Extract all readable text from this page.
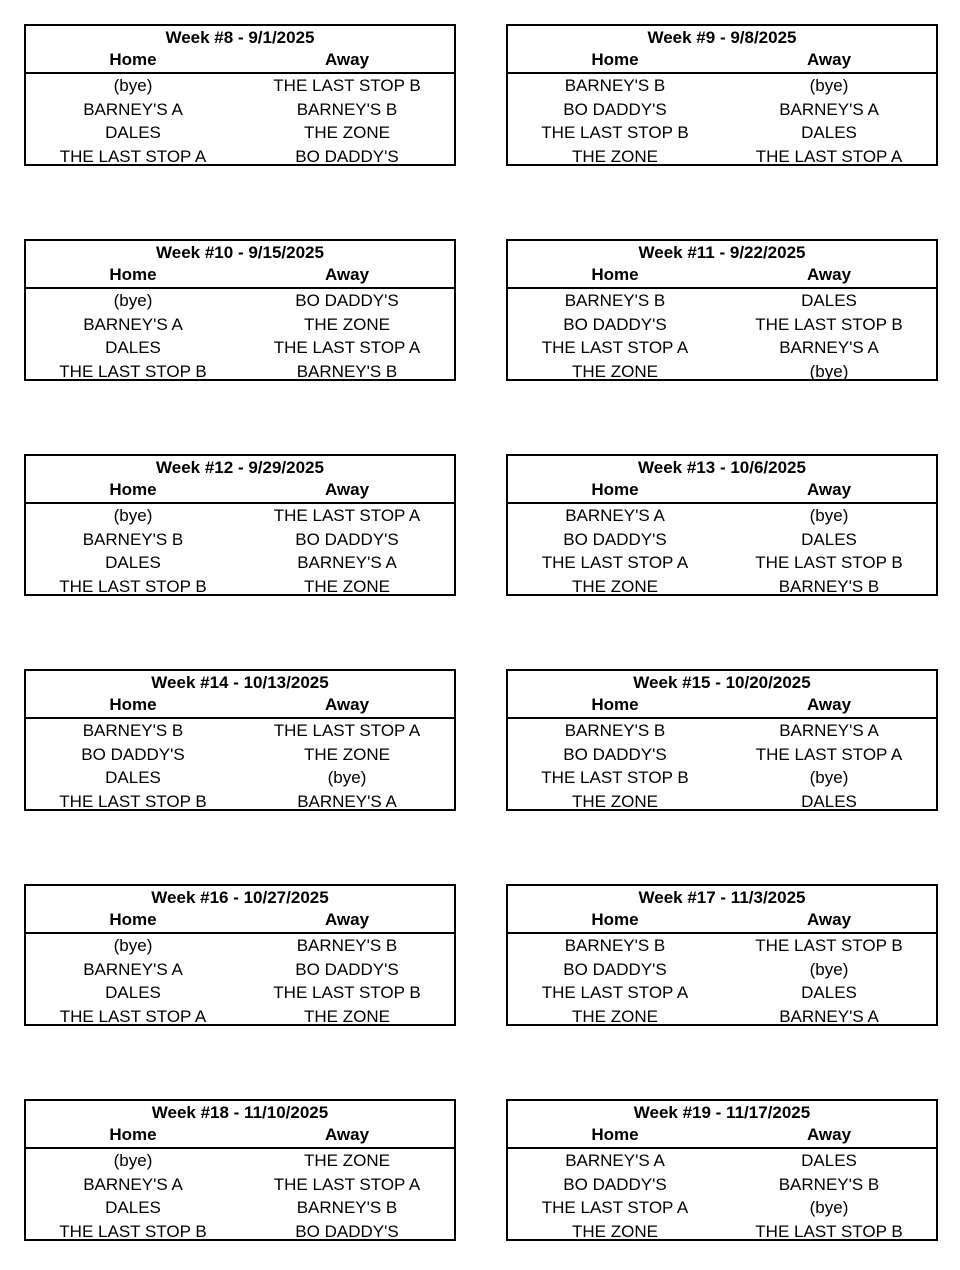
Week #8 - 9/1/2025
Home	Away
(bye)	THE LAST STOP B
BARNEY'S A	BARNEY'S B
DALES	THE ZONE
THE LAST STOP A	BO DADDY'S
Week #9 - 9/8/2025
Home	Away
BARNEY'S B	(bye)
BO DADDY'S	BARNEY'S A
THE LAST STOP B	DALES
THE ZONE	THE LAST STOP A
Week #10 - 9/15/2025
Home	Away
(bye)	BO DADDY'S
BARNEY'S A	THE ZONE
DALES	THE LAST STOP A
THE LAST STOP B	BARNEY'S B
Week #11 - 9/22/2025
Home	Away
BARNEY'S B	DALES
BO DADDY'S	THE LAST STOP B
THE LAST STOP A	BARNEY'S A
THE ZONE	(bye)
Week #12 - 9/29/2025
Home	Away
(bye)	THE LAST STOP A
BARNEY'S B	BO DADDY'S
DALES	BARNEY'S A
THE LAST STOP B	THE ZONE
Week #13 - 10/6/2025
Home	Away
BARNEY'S A	(bye)
BO DADDY'S	DALES
THE LAST STOP A	THE LAST STOP B
THE ZONE	BARNEY'S B
Week #14 - 10/13/2025
Home	Away
BARNEY'S B	THE LAST STOP A
BO DADDY'S	THE ZONE
DALES	(bye)
THE LAST STOP B	BARNEY'S A
Week #15 - 10/20/2025
Home	Away
BARNEY'S B	BARNEY'S A
BO DADDY'S	THE LAST STOP A
THE LAST STOP B	(bye)
THE ZONE	DALES
Week #16 - 10/27/2025
Home	Away
(bye)	BARNEY'S B
BARNEY'S A	BO DADDY'S
DALES	THE LAST STOP B
THE LAST STOP A	THE ZONE
Week #17 - 11/3/2025
Home	Away
BARNEY'S B	THE LAST STOP B
BO DADDY'S	(bye)
THE LAST STOP A	DALES
THE ZONE	BARNEY'S A
Week #18 - 11/10/2025
Home	Away
(bye)	THE ZONE
BARNEY'S A	THE LAST STOP A
DALES	BARNEY'S B
THE LAST STOP B	BO DADDY'S
Week #19 - 11/17/2025
Home	Away
BARNEY'S A	DALES
BO DADDY'S	BARNEY'S B
THE LAST STOP A	(bye)
THE ZONE	THE LAST STOP B
